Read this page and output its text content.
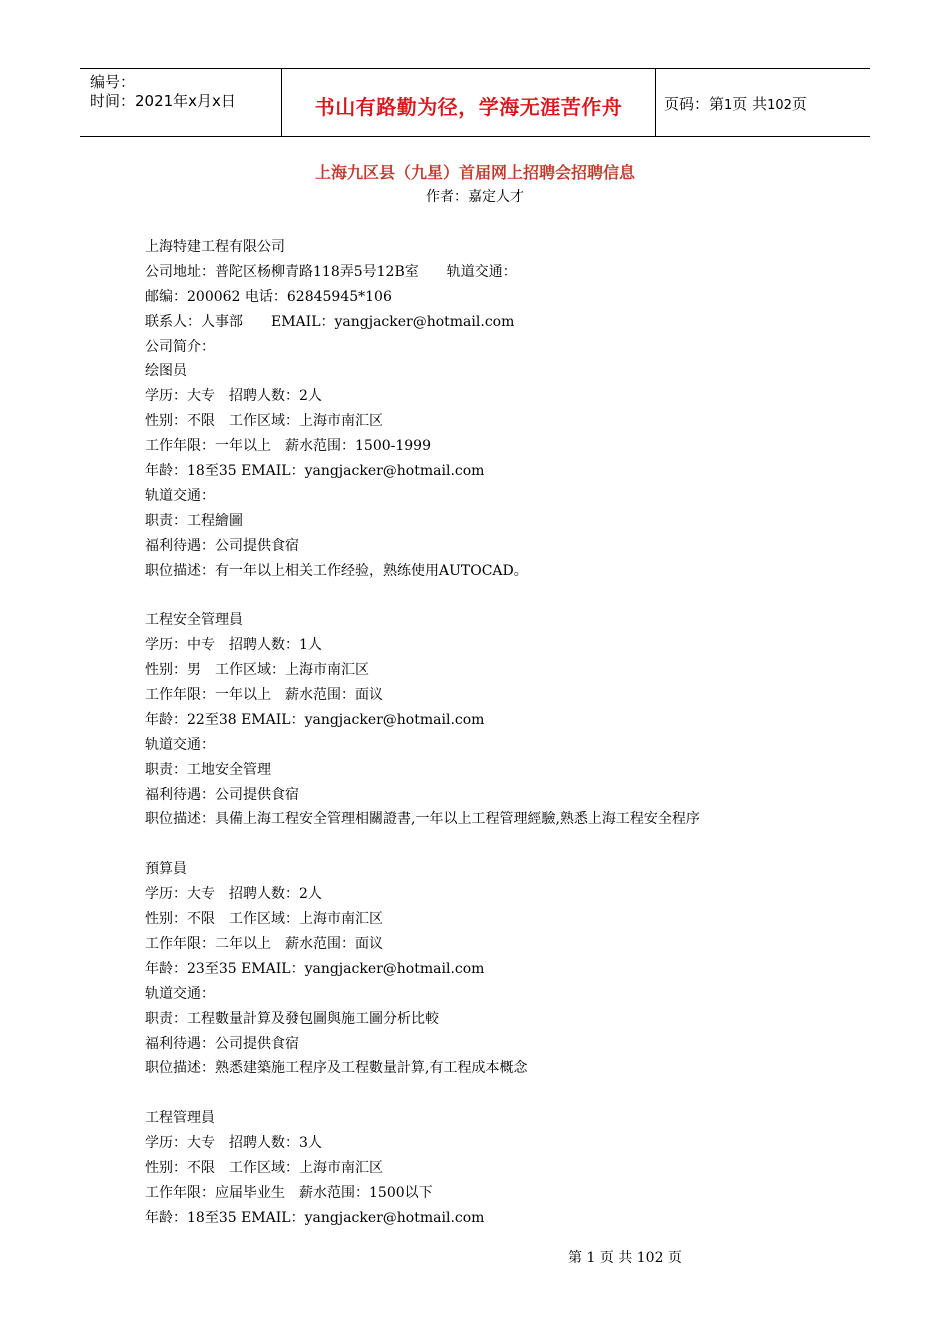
编号：
时间：2021年x月x日	书山有路勤为径，学海无涯苦作舟	页码：第1页 共102页
上海九区县（九星）首届网上招聘会招聘信息
作者：嘉定人才
上海特建工程有限公司
公司地址：普陀区杨柳青路118弄5号12B室　　轨道交通：
邮编：200062 电话：62845945*106
联系人：人事部　　EMAIL：yangjacker@hotmail.com
公司简介：
绘图员
学历：大专　招聘人数：2人
性别：不限　工作区域：上海市南汇区
工作年限：一年以上　薪水范围：1500-1999
年龄：18至35 EMAIL：yangjacker@hotmail.com
轨道交通：
职责：工程繪圖
福利待遇：公司提供食宿
职位描述：有一年以上相关工作经验，熟练使用AUTOCAD。
工程安全管理員
学历：中专　招聘人数：1人
性别：男　工作区域：上海市南汇区
工作年限：一年以上　薪水范围：面议
年龄：22至38 EMAIL：yangjacker@hotmail.com
轨道交通：
职责：工地安全管理
福利待遇：公司提供食宿
职位描述：具備上海工程安全管理相關證書,一年以上工程管理經驗,熟悉上海工程安全程序
預算員
学历：大专　招聘人数：2人
性别：不限　工作区域：上海市南汇区
工作年限：二年以上　薪水范围：面议
年龄：23至35 EMAIL：yangjacker@hotmail.com
轨道交通：
职责：工程數量計算及發包圖與施工圖分析比較
福利待遇：公司提供食宿
职位描述：熟悉建築施工程序及工程數量計算,有工程成本概念
工程管理員
学历：大专　招聘人数：3人
性别：不限　工作区域：上海市南汇区
工作年限：应届毕业生　薪水范围：1500以下
年龄：18至35 EMAIL：yangjacker@hotmail.com
第 1 页 共 102 页
